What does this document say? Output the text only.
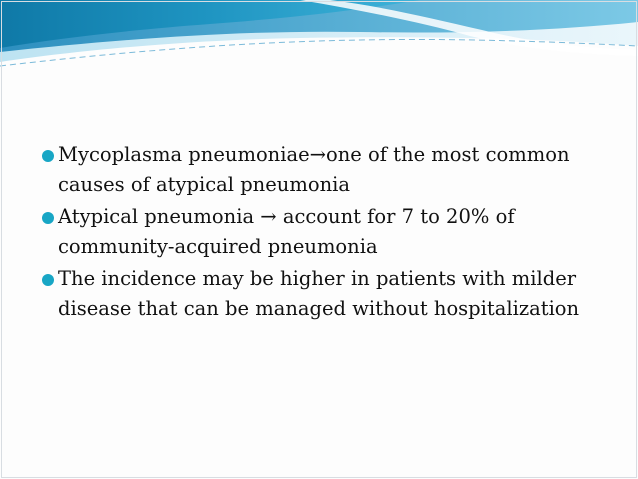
Mycoplasma pneumoniae→one of the most common
causes of atypical pneumonia
Atypical pneumonia → account for 7 to 20% of
community-acquired pneumonia
The incidence may be higher in patients with milder
disease that can be managed without hospitalization
